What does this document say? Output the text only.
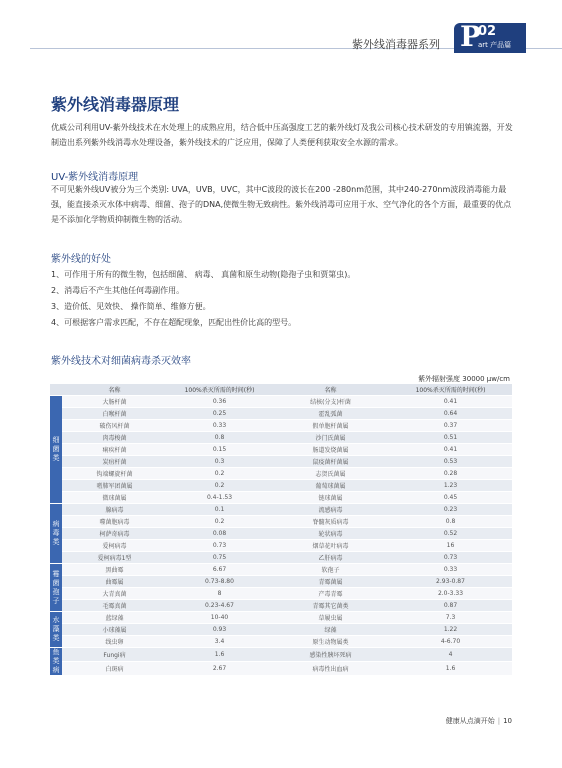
紫外线消毒器系列 P
02
art 产品篇
紫外线消毒器原理
优威公司利用UV-紫外线技术在水处理上的成熟应用，结合低中压高强度工艺的紫外线灯及我公司核心技术研发的专用镇流器，开发制造出系列紫外线消毒水处理设备，紫外线技术的广泛应用，保障了人类便利获取安全水源的需求。
UV-紫外线消毒原理
不可见紫外线UV被分为三个类别: UVA，UVB，UVC，其中C波段的波长在200 -280nm范围，其中240-270nm波段消毒能力最强，能直接杀灭水体中病毒、细菌、孢子的DNA,使微生物无致病性。紫外线消毒可应用于水、空气净化的各个方面，最重要的优点是不添加化学物质抑制微生物的活动。
紫外线的好处
1、可作用于所有的微生物，包括细菌、 病毒、 真菌和原生动物(隐孢子虫和贾第虫)。
2、消毒后不产生其他任何毒副作用。
3、造价低、见效快、 操作简单、维修方便。
4、可根据客户需求匹配，不存在超配现象，匹配出性价比高的型号。
紫外线技术对细菌病毒杀灭效率
紫外辐射强度 30000 μw/cm
	名称	100%杀灭所需的时间(秒)	名称	100%杀灭所需的时间(秒)
细菌类	大肠杆菌	0.36	结核(分支)杆菌	0.41
	白喉杆菌	0.25	霍乱弧菌	0.64
	破伤风杆菌	0.33	假单胞杆菌属	0.37
	肉毒梭菌	0.8	沙门氏菌属	0.51
	痢疾杆菌	0.15	肠道发烧菌属	0.41
	炭疽杆菌	0.3	鼠疫菌杆菌属	0.53
	钩端螺旋杆菌	0.2	志贺氏菌属	0.28
	嗜肺军团菌属	0.2	葡萄球菌属	1.23
	微球菌属	0.4-1.53	链球菌属	0.45
病毒类	腺病毒	0.1	流感病毒	0.23
	噬菌胞病毒	0.2	脊髓灰质病毒	0.8
	柯萨奇病毒	0.08	轮状病毒	0.52
	爱柯病毒	0.73	烟草花叶病毒	16
	爱柯病毒1型	0.75	乙肝病毒	0.73
霉菌孢子	黑曲霉	6.67	软孢子	0.33
	曲霉属	0.73-8.80	青霉菌属	2.93-0.87
	大青真菌	8	产毒青霉	2.0-3.33
	毛霉真菌	0.23-4.67	青霉其它菌类	0.87
水藻类	蓝绿藻	10-40	草履虫属	7.3
	小球藻属	0.93	绿藻	1.22
	线虫卵	3.4	原生动物属类	4-6.70
鱼类病	Fungi病	1.6	感染性胰坏死病	4
	白斑病	2.67	病毒性出血病	1.6
健康从点滴开始 | 10
